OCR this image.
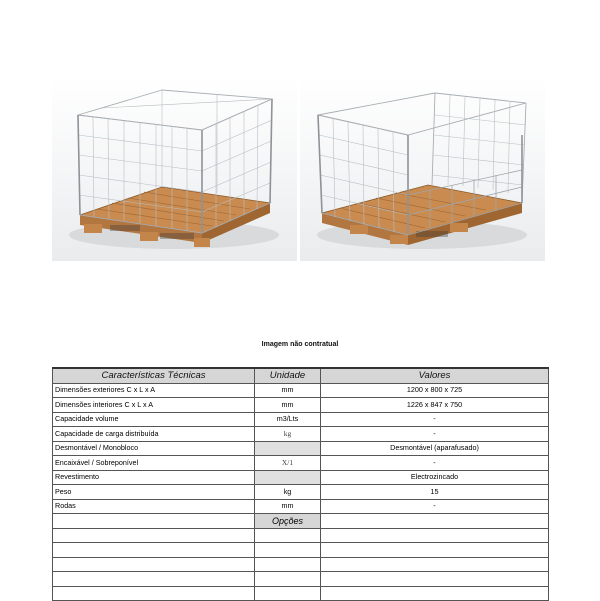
Imagem não contratual
Características Técnicas	Unidade	Valores
Dimensões exteriores C x L x A	mm	1200 x 800 x 725
Dimensões interiores C x L x A	mm	1226 x 847 x 750
Capacidade volume	m3/Lts	-
Capacidade de carga distribuída	kg	-
Desmontável / Monobloco		Desmontável (aparafusado)
Encaixável / Sobreponível	X/1	-
Revestimento		Electrozincado
Peso	kg	15
Rodas	mm	-
	Opções	
